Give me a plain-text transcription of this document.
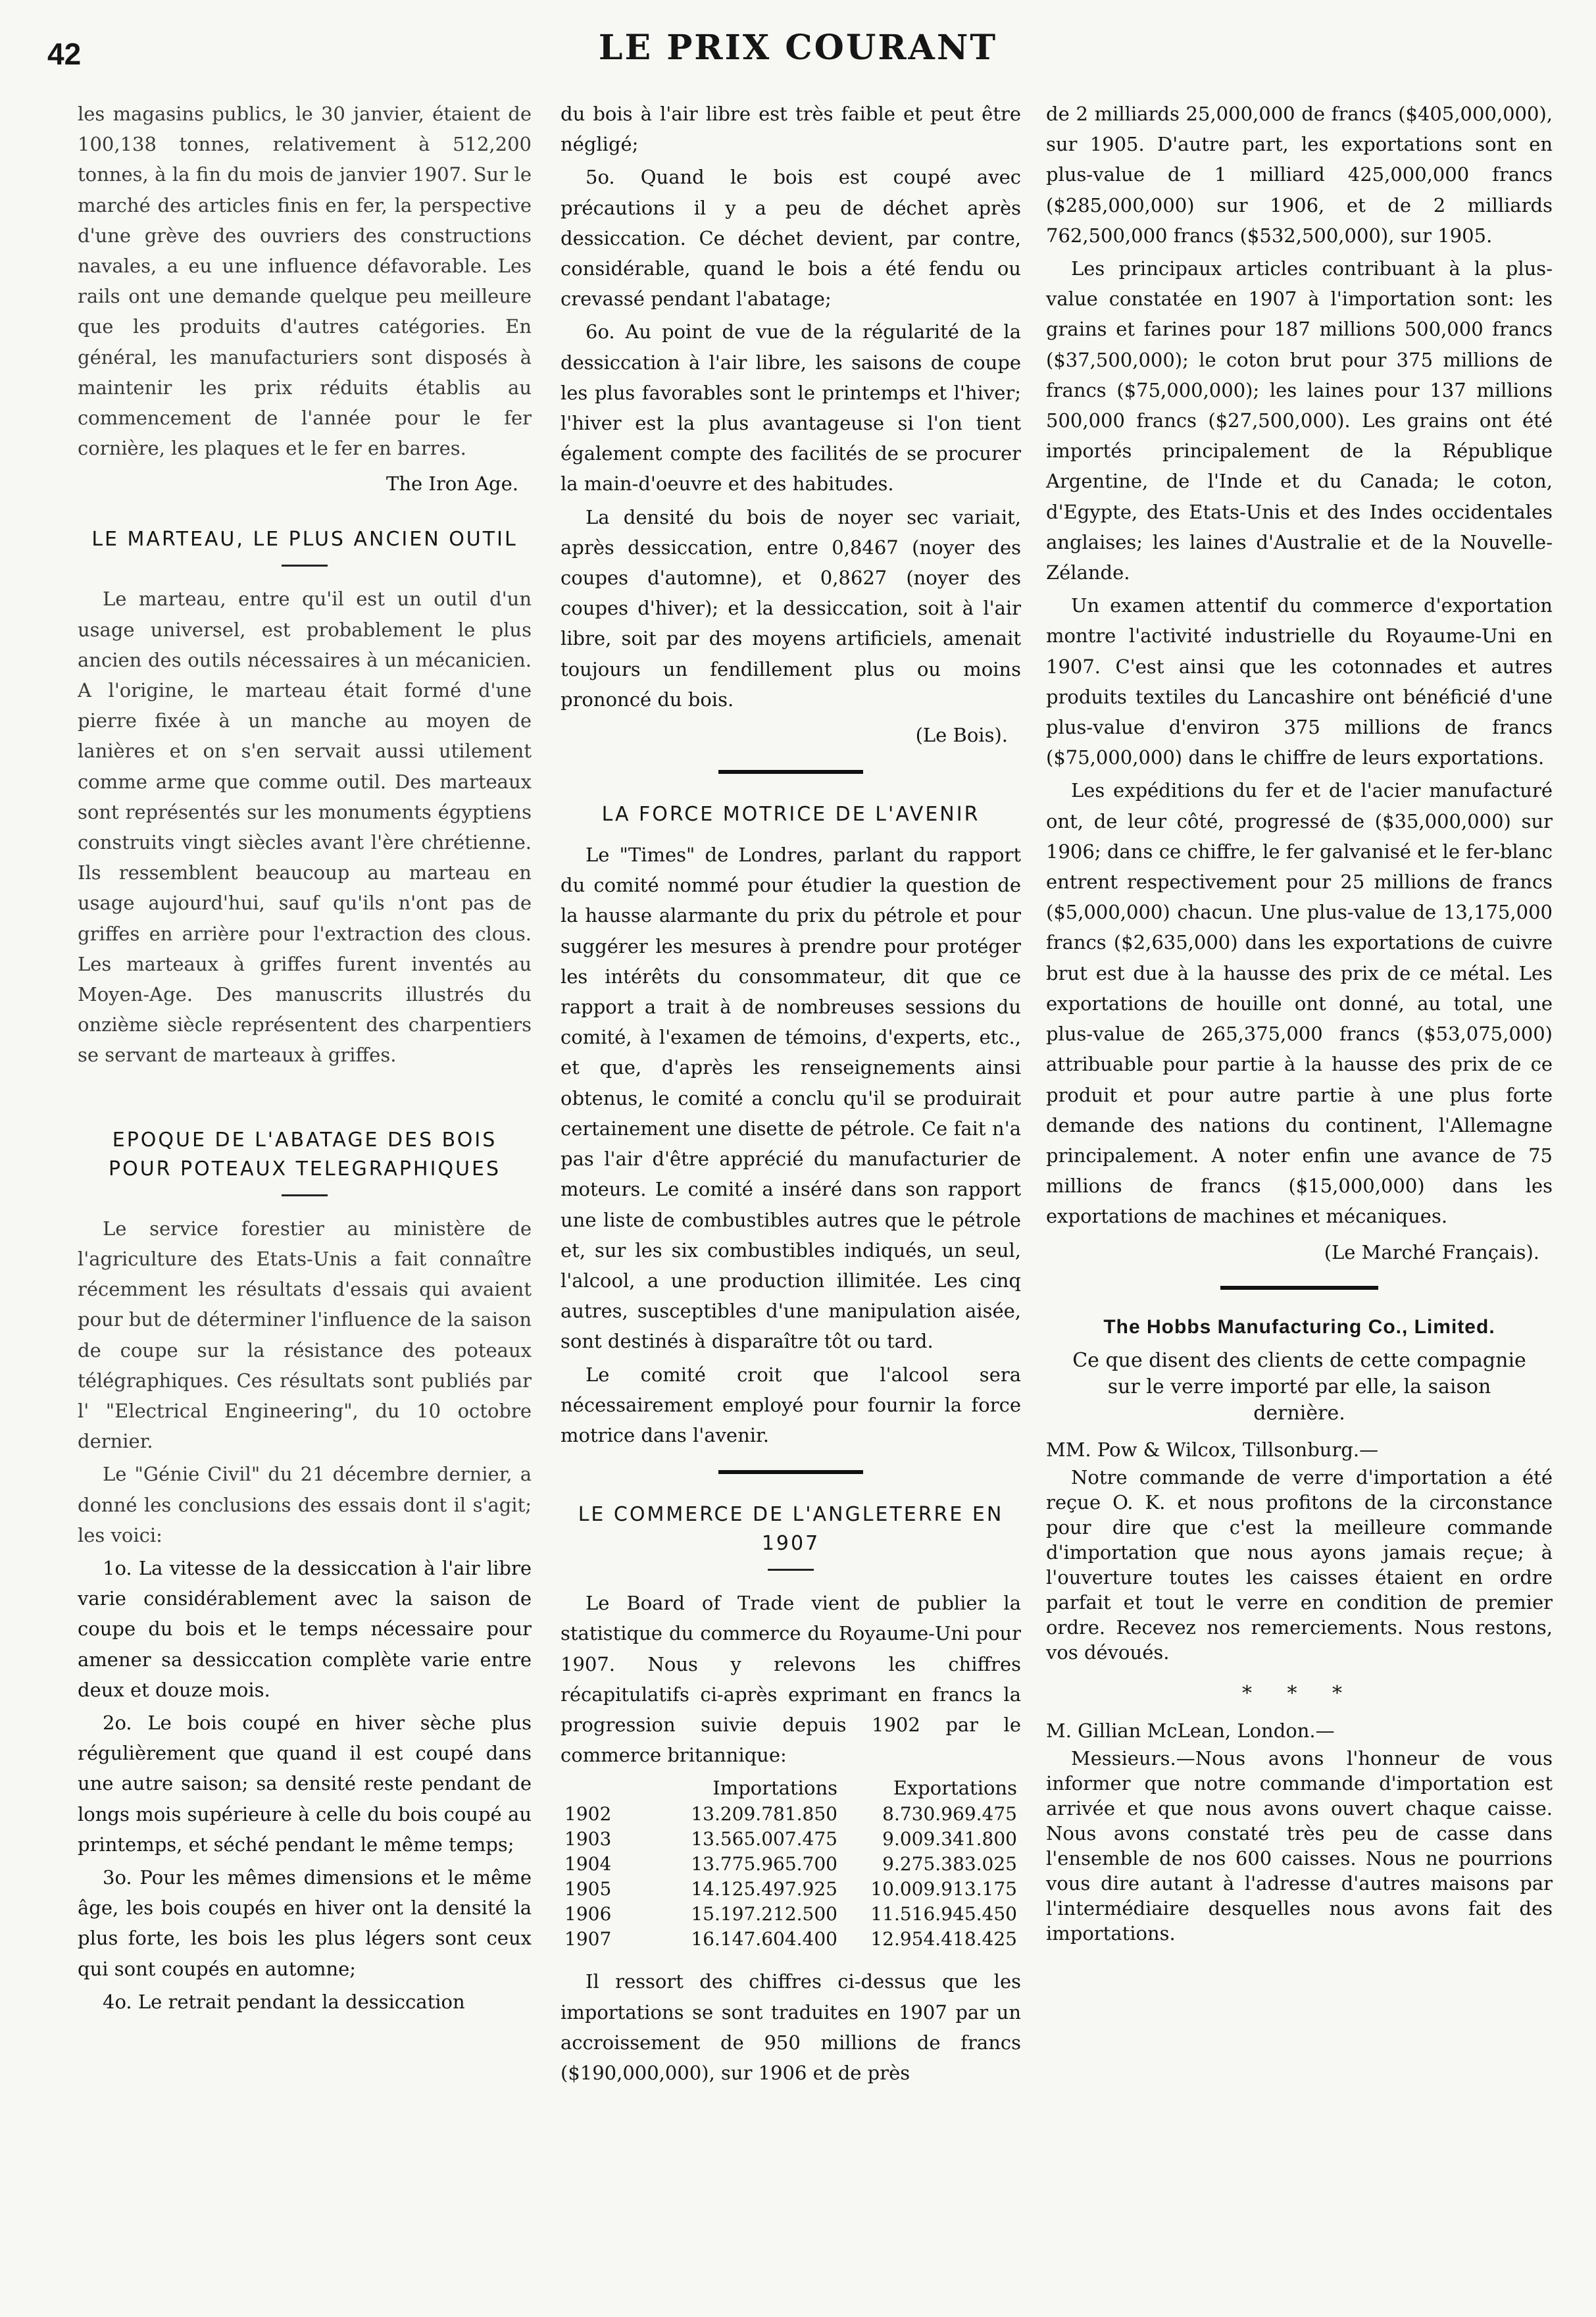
42	LE PRIX COURANT

les magasins publics, le 30 janvier, étaient de 100,138 tonnes, relativement à 512,200 tonnes, à la fin du mois de janvier 1907. Sur le marché des articles finis en fer, la perspective d'une grève des ouvriers des constructions navales, a eu une influence défavorable. Les rails ont une demande quelque peu meilleure que les produits d'autres catégories. En général, les manufacturiers sont disposés à maintenir les prix réduits établis au commencement de l'année pour le fer cornière, les plaques et le fer en barres.

The Iron Age.
LE MARTEAU, LE PLUS ANCIEN OUTIL

Le marteau, entre qu'il est un outil d'un usage universel, est probablement le plus ancien des outils nécessaires à un mécanicien. A l'origine, le marteau était formé d'une pierre fixée à un manche au moyen de lanières et on s'en servait aussi utilement comme arme que comme outil. Des marteaux sont représentés sur les monuments égyptiens construits vingt siècles avant l'ère chrétienne. Ils ressemblent beaucoup au marteau en usage aujourd'hui, sauf qu'ils n'ont pas de griffes en arrière pour l'extraction des clous. Les marteaux à griffes furent inventés au Moyen-Age. Des manuscrits illustrés du onzième siècle représentent des charpentiers se servant de marteaux à griffes.

EPOQUE DE L'ABATAGE DES BOIS POUR POTEAUX TELEGRAPHIQUES

Le service forestier au ministère de l'agriculture des Etats-Unis a fait connaître récemment les résultats d'essais qui avaient pour but de déterminer l'influence de la saison de coupe sur la résistance des poteaux télégraphiques. Ces résultats sont publiés par l' "Electrical Engineering", du 10 octobre dernier.

Le "Génie Civil" du 21 décembre dernier, a donné les conclusions des essais dont il s'agit; les voici:

1o. La vitesse de la dessiccation à l'air libre varie considérablement avec la saison de coupe du bois et le temps nécessaire pour amener sa dessiccation complète varie entre deux et douze mois.

2o. Le bois coupé en hiver sèche plus régulièrement que quand il est coupé dans une autre saison; sa densité reste pendant de longs mois supérieure à celle du bois coupé au printemps, et séché pendant le même temps;

3o. Pour les mêmes dimensions et le même âge, les bois coupés en hiver ont la densité la plus forte, les bois les plus légers sont ceux qui sont coupés en automne;

4o. Le retrait pendant la dessiccation

du bois à l'air libre est très faible et peut être négligé;

5o. Quand le bois est coupé avec précautions il y a peu de déchet après dessiccation. Ce déchet devient, par contre, considérable, quand le bois a été fendu ou crevassé pendant l'abatage;

6o. Au point de vue de la régularité de la dessiccation à l'air libre, les saisons de coupe les plus favorables sont le printemps et l'hiver; l'hiver est la plus avantageuse si l'on tient également compte des facilités de se procurer la main-d'oeuvre et des habitudes.

La densité du bois de noyer sec variait, après dessiccation, entre 0,8467 (noyer des coupes d'automne), et 0,8627 (noyer des coupes d'hiver); et la dessiccation, soit à l'air libre, soit par des moyens artificiels, amenait toujours un fendillement plus ou moins prononcé du bois.

(Le Bois).
LA FORCE MOTRICE DE L'AVENIR

Le "Times" de Londres, parlant du rapport du comité nommé pour étudier la question de la hausse alarmante du prix du pétrole et pour suggérer les mesures à prendre pour protéger les intérêts du consommateur, dit que ce rapport a trait à de nombreuses sessions du comité, à l'examen de témoins, d'experts, etc., et que, d'après les renseignements ainsi obtenus, le comité a conclu qu'il se produirait certainement une disette de pétrole. Ce fait n'a pas l'air d'être apprécié du manufacturier de moteurs. Le comité a inséré dans son rapport une liste de combustibles autres que le pétrole et, sur les six combustibles indiqués, un seul, l'alcool, a une production illimitée. Les cinq autres, susceptibles d'une manipulation aisée, sont destinés à disparaître tôt ou tard.

Le comité croit que l'alcool sera nécessairement employé pour fournir la force motrice dans l'avenir.

LE COMMERCE DE L'ANGLETERRE EN 1907

Le Board of Trade vient de publier la statistique du commerce du Royaume-Uni pour 1907. Nous y relevons les chiffres récapitulatifs ci-après exprimant en francs la progression suivie depuis 1902 par le commerce britannique:

	Importations	Exportations
1902	13.209.781.850	8.730.969.475
1903	13.565.007.475	9.009.341.800
1904	13.775.965.700	9.275.383.025
1905	14.125.497.925	10.009.913.175
1906	15.197.212.500	11.516.945.450
1907	16.147.604.400	12.954.418.425

Il ressort des chiffres ci-dessus que les importations se sont traduites en 1907 par un accroissement de 950 millions de francs ($190,000,000), sur 1906 et de près

de 2 milliards 25,000,000 de francs ($405,000,000), sur 1905. D'autre part, les exportations sont en plus-value de 1 milliard 425,000,000 francs ($285,000,000) sur 1906, et de 2 milliards 762,500,000 francs ($532,500,000), sur 1905.

Les principaux articles contribuant à la plus-value constatée en 1907 à l'importation sont: les grains et farines pour 187 millions 500,000 francs ($37,500,000); le coton brut pour 375 millions de francs ($75,000,000); les laines pour 137 millions 500,000 francs ($27,500,000). Les grains ont été importés principalement de la République Argentine, de l'Inde et du Canada; le coton, d'Egypte, des Etats-Unis et des Indes occidentales anglaises; les laines d'Australie et de la Nouvelle-Zélande.

Un examen attentif du commerce d'exportation montre l'activité industrielle du Royaume-Uni en 1907. C'est ainsi que les cotonnades et autres produits textiles du Lancashire ont bénéficié d'une plus-value d'environ 375 millions de francs ($75,000,000) dans le chiffre de leurs exportations.

Les expéditions du fer et de l'acier manufacturé ont, de leur côté, progressé de ($35,000,000) sur 1906; dans ce chiffre, le fer galvanisé et le fer-blanc entrent respectivement pour 25 millions de francs ($5,000,000) chacun. Une plus-value de 13,175,000 francs ($2,635,000) dans les exportations de cuivre brut est due à la hausse des prix de ce métal. Les exportations de houille ont donné, au total, une plus-value de 265,375,000 francs ($53,075,000) attribuable pour partie à la hausse des prix de ce produit et pour autre partie à une plus forte demande des nations du continent, l'Allemagne principalement. A noter enfin une avance de 75 millions de francs ($15,000,000) dans les exportations de machines et mécaniques.

(Le Marché Français).
The Hobbs Manufacturing Co., Limited.
Ce que disent des clients de cette compagnie sur le verre importé par elle, la saison dernière.

MM. Pow & Wilcox, Tillsonburg.—

Notre commande de verre d'importation a été reçue O. K. et nous profitons de la circonstance pour dire que c'est la meilleure commande d'importation que nous ayons jamais reçue; à l'ouverture toutes les caisses étaient en ordre parfait et tout le verre en condition de premier ordre. Recevez nos remerciements. Nous restons, vos dévoués.

* * *

M. Gillian McLean, London.—

Messieurs.—Nous avons l'honneur de vous informer que notre commande d'importation est arrivée et que nous avons ouvert chaque caisse. Nous avons constaté très peu de casse dans l'ensemble de nos 600 caisses. Nous ne pourrions vous dire autant à l'adresse d'autres maisons par l'intermédiaire desquelles nous avons fait des importations.
